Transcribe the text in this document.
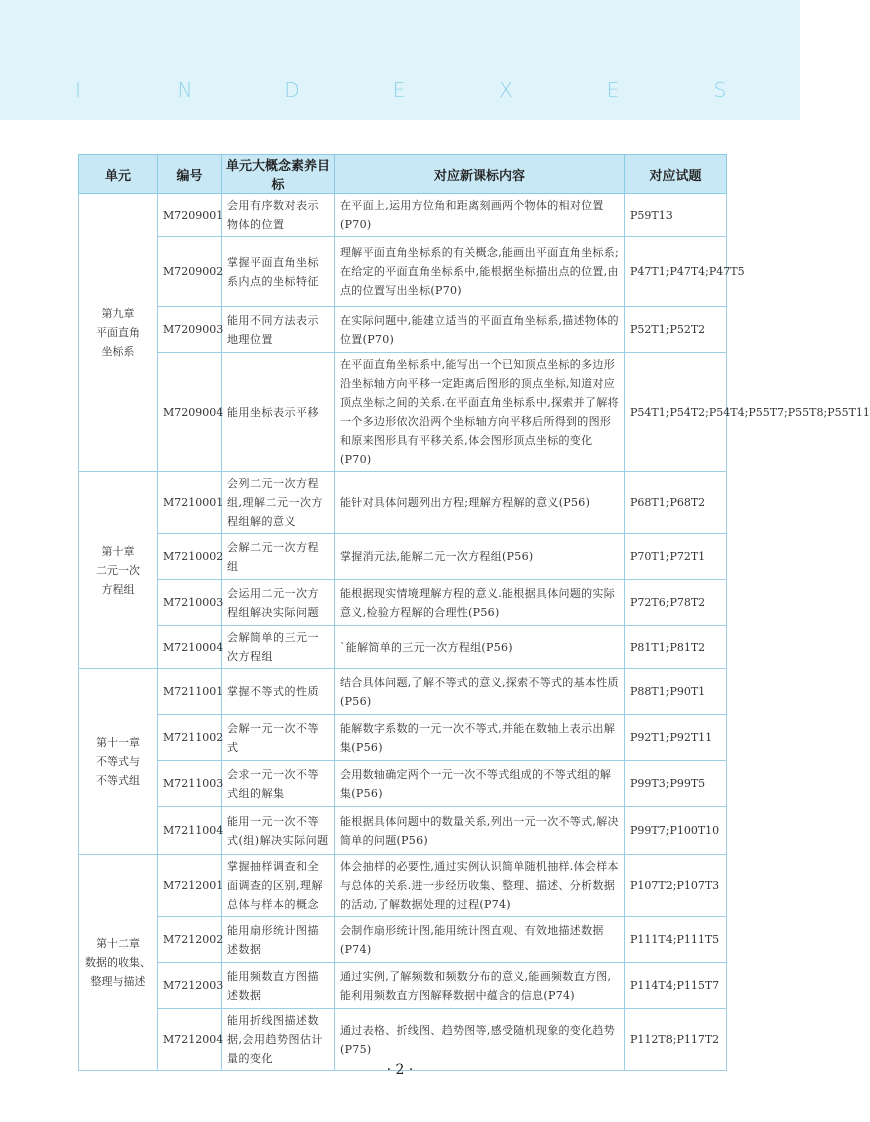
I	N	D	E	X	E	S
单元	编号	单元大概念素养目标	对应新课标内容	对应试题

第九章
平面直角
坐标系	M7209001	会用有序数对表示物体的位置	在平面上,运用方位角和距离刻画两个物体的相对位置(P70)	P59T13
	M7209002	掌握平面直角坐标系内点的坐标特征	理解平面直角坐标系的有关概念,能画出平面直角坐标系;在给定的平面直角坐标系中,能根据坐标描出点的位置,由点的位置写出坐标(P70)	P47T1;P47T4;P47T5
	M7209003	能用不同方法表示地理位置	在实际问题中,能建立适当的平面直角坐标系,描述物体的位置(P70)	P52T1;P52T2
	M7209004	能用坐标表示平移	在平面直角坐标系中,能写出一个已知顶点坐标的多边形沿坐标轴方向平移一定距离后图形的顶点坐标,知道对应顶点坐标之间的关系.在平面直角坐标系中,探索并了解将一个多边形依次沿两个坐标轴方向平移后所得到的图形和原来图形具有平移关系,体会图形顶点坐标的变化(P70)	P54T1;P54T2;P54T4;P55T7;P55T8;P55T11

第十章
二元一次
方程组	M7210001	会列二元一次方程组,理解二元一次方程组解的意义	能针对具体问题列出方程;理解方程解的意义(P56)	P68T1;P68T2
	M7210002	会解二元一次方程组	掌握消元法,能解二元一次方程组(P56)	P70T1;P72T1
	M7210003	会运用二元一次方程组解决实际问题	能根据现实情境理解方程的意义.能根据具体问题的实际意义,检验方程解的合理性(P56)	P72T6;P78T2
	M7210004	会解简单的三元一次方程组	`能解简单的三元一次方程组(P56)	P81T1;P81T2

第十一章
不等式与
不等式组	M7211001	掌握不等式的性质	结合具体问题,了解不等式的意义,探索不等式的基本性质(P56)	P88T1;P90T1
	M7211002	会解一元一次不等式	能解数字系数的一元一次不等式,并能在数轴上表示出解集(P56)	P92T1;P92T11
	M7211003	会求一元一次不等式组的解集	会用数轴确定两个一元一次不等式组成的不等式组的解集(P56)	P99T3;P99T5
	M7211004	能用一元一次不等式(组)解决实际问题	能根据具体问题中的数量关系,列出一元一次不等式,解决简单的问题(P56)	P99T7;P100T10

第十二章
数据的收集、
整理与描述	M7212001	掌握抽样调查和全面调查的区别,理解总体与样本的概念	体会抽样的必要性,通过实例认识简单随机抽样.体会样本与总体的关系.进一步经历收集、整理、描述、分析数据的活动,了解数据处理的过程(P74)	P107T2;P107T3
	M7212002	能用扇形统计图描述数据	会制作扇形统计图,能用统计图直观、有效地描述数据(P74)	P111T4;P111T5
	M7212003	能用频数直方图描述数据	通过实例,了解频数和频数分布的意义,能画频数直方图,能利用频数直方图解释数据中蕴含的信息(P74)	P114T4;P115T7
	M7212004	能用折线图描述数据,会用趋势图估计量的变化	通过表格、折线图、趋势图等,感受随机现象的变化趋势(P75)	P112T8;P117T2
· 2 ·
